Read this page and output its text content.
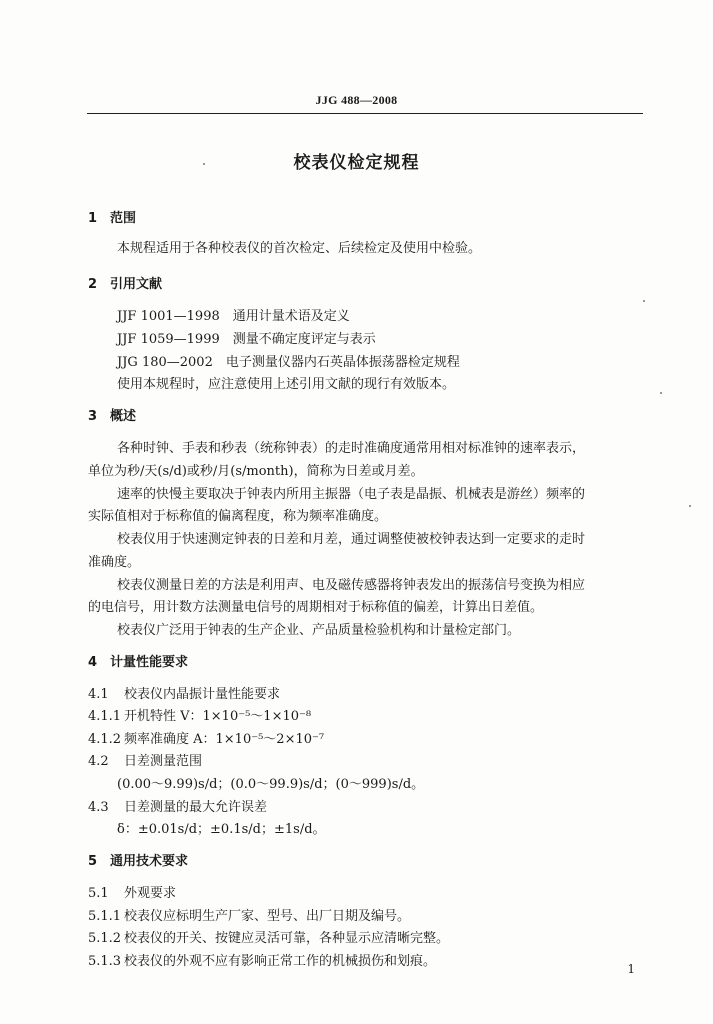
JJG 488—2008
校表仪检定规程
1 范围
本规程适用于各种校表仪的首次检定、后续检定及使用中检验。
2 引用文献
JJF 1001—1998　通用计量术语及定义
JJF 1059—1999　测量不确定度评定与表示
JJG 180—2002　电子测量仪器内石英晶体振荡器检定规程
使用本规程时，应注意使用上述引用文献的现行有效版本。
3 概述
各种时钟、手表和秒表（统称钟表）的走时准确度通常用相对标准钟的速率表示，
单位为秒/天(s/d)或秒/月(s/month)，简称为日差或月差。
速率的快慢主要取决于钟表内所用主振器（电子表是晶振、机械表是游丝）频率的
实际值相对于标称值的偏离程度，称为频率准确度。
校表仪用于快速测定钟表的日差和月差，通过调整使被校钟表达到一定要求的走时
准确度。
校表仪测量日差的方法是利用声、电及磁传感器将钟表发出的振荡信号变换为相应
的电信号，用计数方法测量电信号的周期相对于标称值的偏差，计算出日差值。
校表仪广泛用于钟表的生产企业、产品质量检验机构和计量检定部门。
4 计量性能要求
4.1 校表仪内晶振计量性能要求
4.1.1 开机特性 V：1×10⁻⁵～1×10⁻⁸
4.1.2 频率准确度 A：1×10⁻⁵～2×10⁻⁷
4.2 日差测量范围
(0.00～9.99)s/d；(0.0～99.9)s/d；(0～999)s/d。
4.3 日差测量的最大允许误差
δ：±0.01s/d；±0.1s/d；±1s/d。
5 通用技术要求
5.1 外观要求
5.1.1 校表仪应标明生产厂家、型号、出厂日期及编号。
5.1.2 校表仪的开关、按键应灵活可靠，各种显示应清晰完整。
5.1.3 校表仪的外观不应有影响正常工作的机械损伤和划痕。	1
